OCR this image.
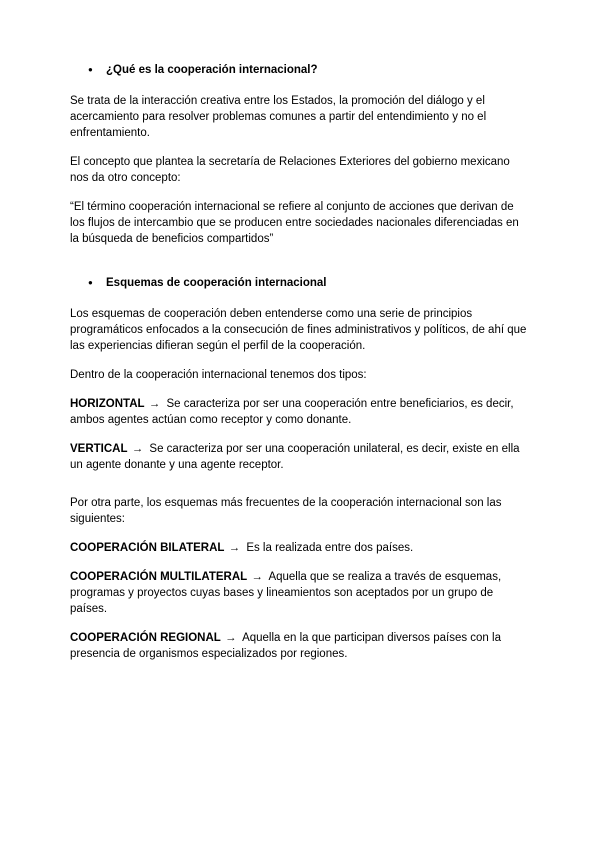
●	¿Qué es la cooperación internacional?

Se trata de la interacción creativa entre los Estados, la promoción del diálogo y el acercamiento para resolver problemas comunes a partir del entendimiento y no el enfrentamiento.

El concepto que plantea la secretaría de Relaciones Exteriores del gobierno mexicano nos da otro concepto:

“El término cooperación internacional se refiere al conjunto de acciones que derivan de los flujos de intercambio que se producen entre sociedades nacionales diferenciadas en la búsqueda de beneficios compartidos”

●	Esquemas de cooperación internacional

Los esquemas de cooperación deben entenderse como una serie de principios programáticos enfocados a la consecución de fines administrativos y políticos, de ahí que las experiencias difieran según el perfil de la cooperación.

Dentro de la cooperación internacional tenemos dos tipos:

HORIZONTAL → Se caracteriza por ser una cooperación entre beneficiarios, es decir, ambos agentes actúan como receptor y como donante.

VERTICAL → Se caracteriza por ser una cooperación unilateral, es decir, existe en ella un agente donante y una agente receptor.

Por otra parte, los esquemas más frecuentes de la cooperación internacional son las siguientes:

COOPERACIÓN BILATERAL → Es la realizada entre dos países.

COOPERACIÓN MULTILATERAL → Aquella que se realiza a través de esquemas, programas y proyectos cuyas bases y lineamientos son aceptados por un grupo de países.

COOPERACIÓN REGIONAL → Aquella en la que participan diversos países con la presencia de organismos especializados por regiones.
